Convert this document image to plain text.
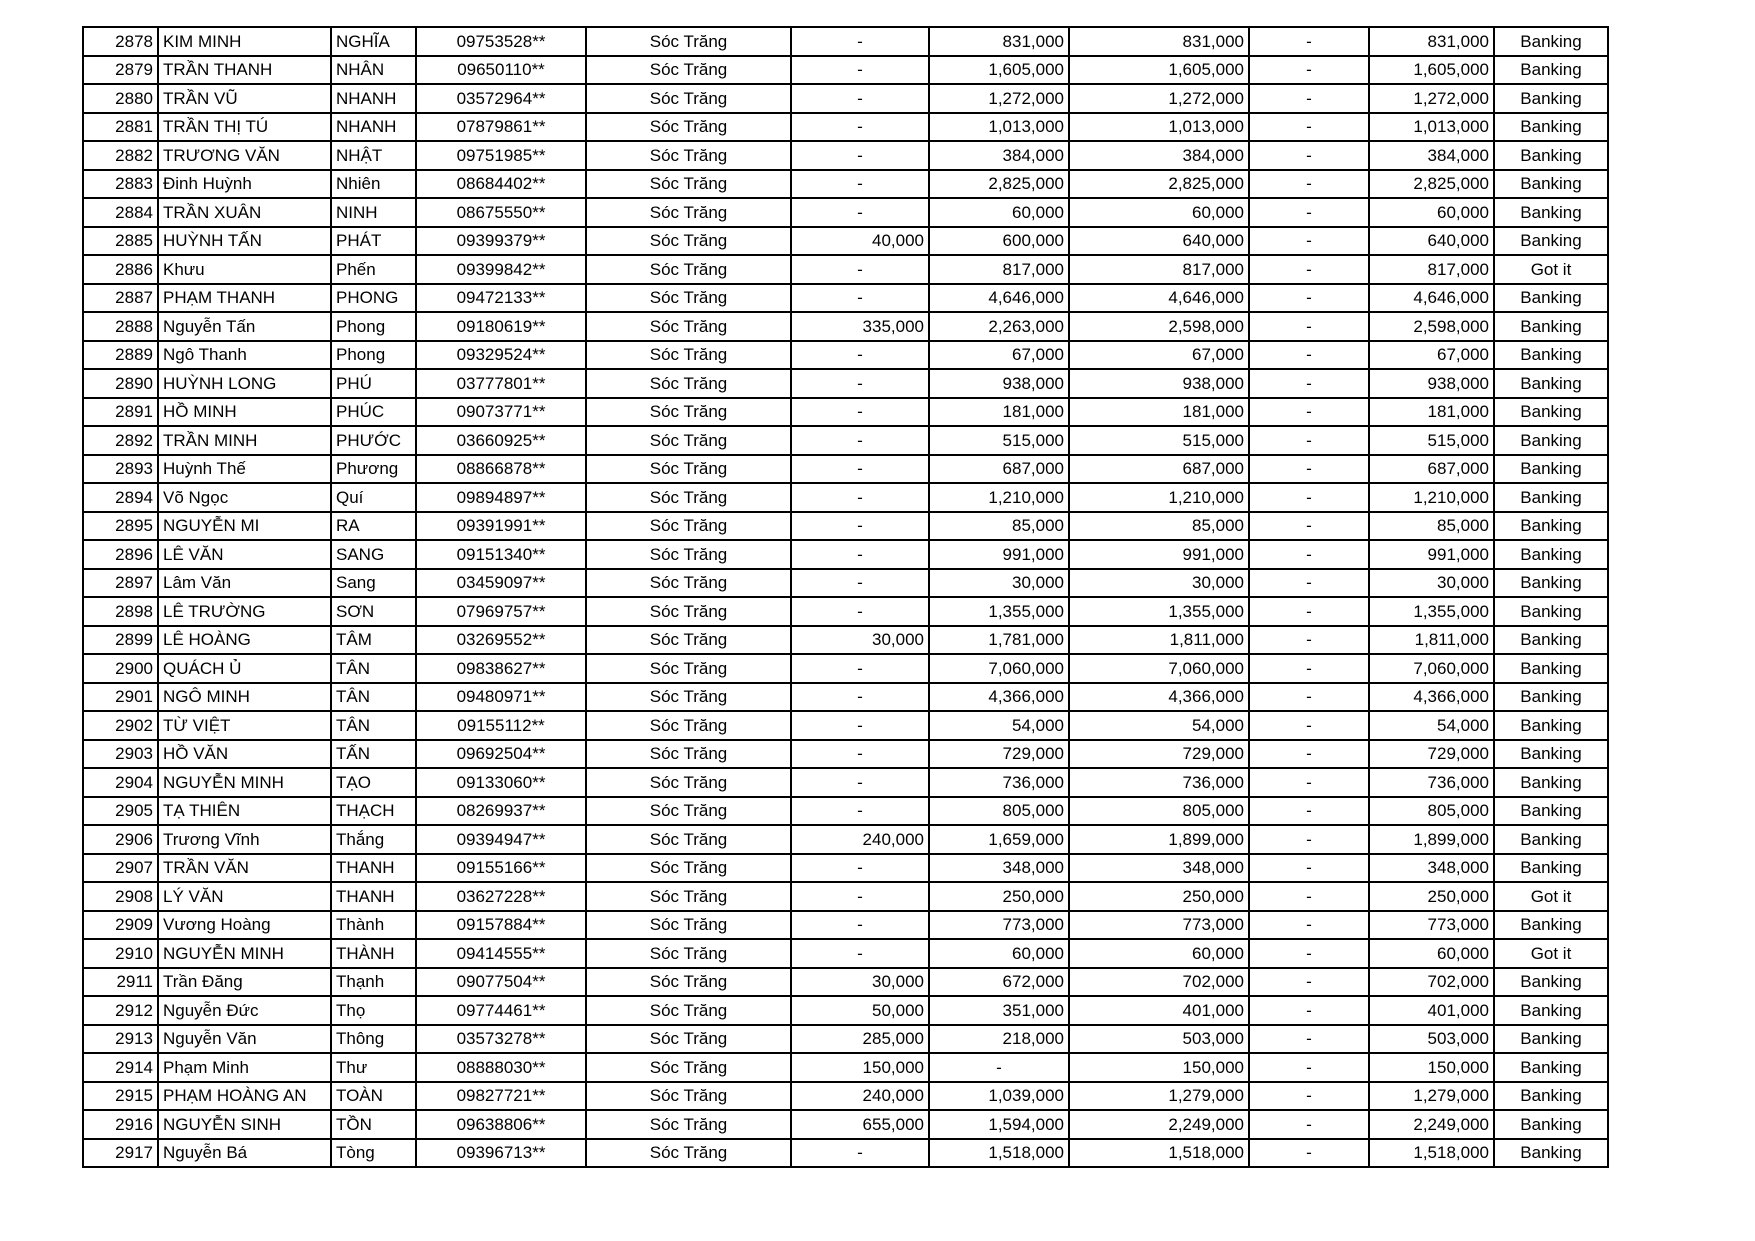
2878	KIM MINH	NGHĨA	09753528**	Sóc Trăng	-	831,000	831,000	-	831,000	Banking
2879	TRẦN THANH	NHÂN	09650110**	Sóc Trăng	-	1,605,000	1,605,000	-	1,605,000	Banking
2880	TRẦN VŨ	NHANH	03572964**	Sóc Trăng	-	1,272,000	1,272,000	-	1,272,000	Banking
2881	TRẦN THỊ TÚ	NHANH	07879861**	Sóc Trăng	-	1,013,000	1,013,000	-	1,013,000	Banking
2882	TRƯƠNG VĂN	NHẬT	09751985**	Sóc Trăng	-	384,000	384,000	-	384,000	Banking
2883	Đinh Huỳnh	Nhiên	08684402**	Sóc Trăng	-	2,825,000	2,825,000	-	2,825,000	Banking
2884	TRẦN XUÂN	NINH	08675550**	Sóc Trăng	-	60,000	60,000	-	60,000	Banking
2885	HUỲNH TẤN	PHÁT	09399379**	Sóc Trăng	40,000	600,000	640,000	-	640,000	Banking
2886	Khưu	Phến	09399842**	Sóc Trăng	-	817,000	817,000	-	817,000	Got it
2887	PHẠM THANH	PHONG	09472133**	Sóc Trăng	-	4,646,000	4,646,000	-	4,646,000	Banking
2888	Nguyễn Tấn	Phong	09180619**	Sóc Trăng	335,000	2,263,000	2,598,000	-	2,598,000	Banking
2889	Ngô Thanh	Phong	09329524**	Sóc Trăng	-	67,000	67,000	-	67,000	Banking
2890	HUỲNH LONG	PHÚ	03777801**	Sóc Trăng	-	938,000	938,000	-	938,000	Banking
2891	HỒ MINH	PHÚC	09073771**	Sóc Trăng	-	181,000	181,000	-	181,000	Banking
2892	TRẦN MINH	PHƯỚC	03660925**	Sóc Trăng	-	515,000	515,000	-	515,000	Banking
2893	Huỳnh Thế	Phương	08866878**	Sóc Trăng	-	687,000	687,000	-	687,000	Banking
2894	Võ Ngọc	Quí	09894897**	Sóc Trăng	-	1,210,000	1,210,000	-	1,210,000	Banking
2895	NGUYỄN MI	RA	09391991**	Sóc Trăng	-	85,000	85,000	-	85,000	Banking
2896	LÊ VĂN	SANG	09151340**	Sóc Trăng	-	991,000	991,000	-	991,000	Banking
2897	Lâm Văn	Sang	03459097**	Sóc Trăng	-	30,000	30,000	-	30,000	Banking
2898	LÊ TRƯỜNG	SƠN	07969757**	Sóc Trăng	-	1,355,000	1,355,000	-	1,355,000	Banking
2899	LÊ HOÀNG	TÂM	03269552**	Sóc Trăng	30,000	1,781,000	1,811,000	-	1,811,000	Banking
2900	QUÁCH Ủ	TÂN	09838627**	Sóc Trăng	-	7,060,000	7,060,000	-	7,060,000	Banking
2901	NGÔ MINH	TÂN	09480971**	Sóc Trăng	-	4,366,000	4,366,000	-	4,366,000	Banking
2902	TỪ VIỆT	TÂN	09155112**	Sóc Trăng	-	54,000	54,000	-	54,000	Banking
2903	HỒ VĂN	TẤN	09692504**	Sóc Trăng	-	729,000	729,000	-	729,000	Banking
2904	NGUYỄN MINH	TẠO	09133060**	Sóc Trăng	-	736,000	736,000	-	736,000	Banking
2905	TẠ THIÊN	THẠCH	08269937**	Sóc Trăng	-	805,000	805,000	-	805,000	Banking
2906	Trương Vĩnh	Thắng	09394947**	Sóc Trăng	240,000	1,659,000	1,899,000	-	1,899,000	Banking
2907	TRẦN VĂN	THANH	09155166**	Sóc Trăng	-	348,000	348,000	-	348,000	Banking
2908	LÝ VĂN	THANH	03627228**	Sóc Trăng	-	250,000	250,000	-	250,000	Got it
2909	Vương Hoàng	Thành	09157884**	Sóc Trăng	-	773,000	773,000	-	773,000	Banking
2910	NGUYỄN MINH	THÀNH	09414555**	Sóc Trăng	-	60,000	60,000	-	60,000	Got it
2911	Trần Đăng	Thạnh	09077504**	Sóc Trăng	30,000	672,000	702,000	-	702,000	Banking
2912	Nguyễn Đức	Thọ	09774461**	Sóc Trăng	50,000	351,000	401,000	-	401,000	Banking
2913	Nguyễn Văn	Thông	03573278**	Sóc Trăng	285,000	218,000	503,000	-	503,000	Banking
2914	Phạm Minh	Thư	08888030**	Sóc Trăng	150,000	-	150,000	-	150,000	Banking
2915	PHẠM HOÀNG AN	TOÀN	09827721**	Sóc Trăng	240,000	1,039,000	1,279,000	-	1,279,000	Banking
2916	NGUYỄN SINH	TỒN	09638806**	Sóc Trăng	655,000	1,594,000	2,249,000	-	2,249,000	Banking
2917	Nguyễn Bá	Tòng	09396713**	Sóc Trăng	-	1,518,000	1,518,000	-	1,518,000	Banking
